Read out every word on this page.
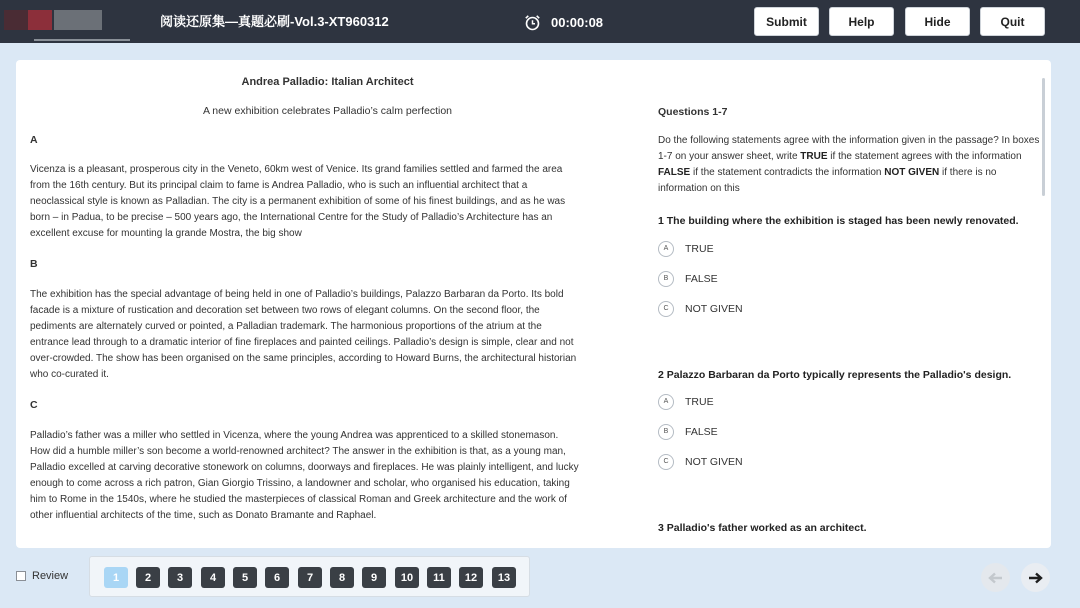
阅读还原集—真题必刷-Vol.3-XT960312	00:00:08	Submit	Help	Hide	Quit
Andrea Palladio: Italian Architect
A new exhibition celebrates Palladio’s calm perfection
A
Vicenza is a pleasant, prosperous city in the Veneto, 60km west of Venice. Its grand families settled and farmed the area
from the 16th century. But its principal claim to fame is Andrea Palladio, who is such an influential architect that a
neoclassical style is known as Palladian. The city is a permanent exhibition of some of his finest buildings, and as he was
born – in Padua, to be precise – 500 years ago, the International Centre for the Study of Palladio’s Architecture has an
excellent excuse for mounting la grande Mostra, the big show
B
The exhibition has the special advantage of being held in one of Palladio’s buildings, Palazzo Barbaran da Porto. Its bold
facade is a mixture of rustication and decoration set between two rows of elegant columns. On the second floor, the
pediments are alternately curved or pointed, a Palladian trademark. The harmonious proportions of the atrium at the
entrance lead through to a dramatic interior of fine fireplaces and painted ceilings. Palladio’s design is simple, clear and not
over-crowded. The show has been organised on the same principles, according to Howard Burns, the architectural historian
who co-curated it.
C
Palladio’s father was a miller who settled in Vicenza, where the young Andrea was apprenticed to a skilled stonemason.
How did a humble miller’s son become a world-renowned architect? The answer in the exhibition is that, as a young man,
Palladio excelled at carving decorative stonework on columns, doorways and fireplaces. He was plainly intelligent, and lucky
enough to come across a rich patron, Gian Giorgio Trissino, a landowner and scholar, who organised his education, taking
him to Rome in the 1540s, where he studied the masterpieces of classical Roman and Greek architecture and the work of
other influential architects of the time, such as Donato Bramante and Raphael.
Questions 1-7
Do the following statements agree with the information given in the passage? In boxes 1-7 on your answer sheet, write TRUE if the statement agrees with the information FALSE if the statement contradicts the information NOT GIVEN if there is no information on this
1 The building where the exhibition is staged has been newly renovated.
A	TRUE
B	FALSE
C	NOT GIVEN
2 Palazzo Barbaran da Porto typically represents the Palladio's design.
A	TRUE
B	FALSE
C	NOT GIVEN
3 Palladio's father worked as an architect.
Review	1	2	3	4	5	6	7	8	9	10	11	12	13
